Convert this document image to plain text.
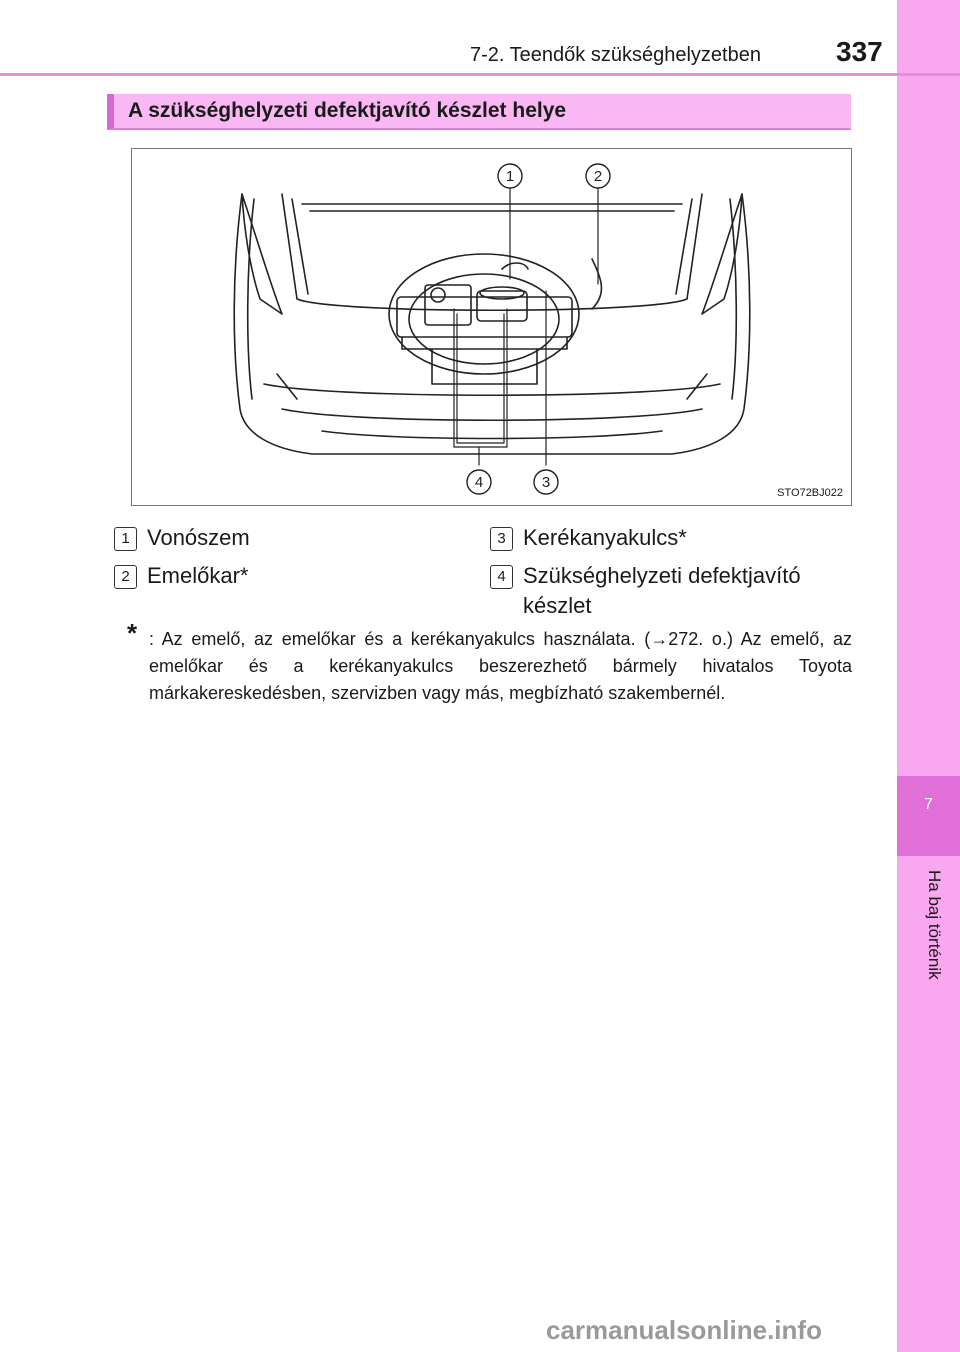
7
Ha baj történik
7-2. Teendők szükséghelyzetben	337
A szükséghelyzeti defektjavító készlet helye
1	2
3
4
STO72BJ022
1 Vonószem
2 Emelőkar*
3 Kerékanyakulcs*
4 Szükséghelyzeti defektjavító
készlet
* : Az emelő, az emelőkar és a kerékanyakulcs használata. (→272. o.) Az emelő, az emelőkar és a kerékanyakulcs beszerezhető bármely hivatalos Toyota márkakereskedésben, szervizben vagy más, megbízható szakembernél.
carmanualsonline.info
